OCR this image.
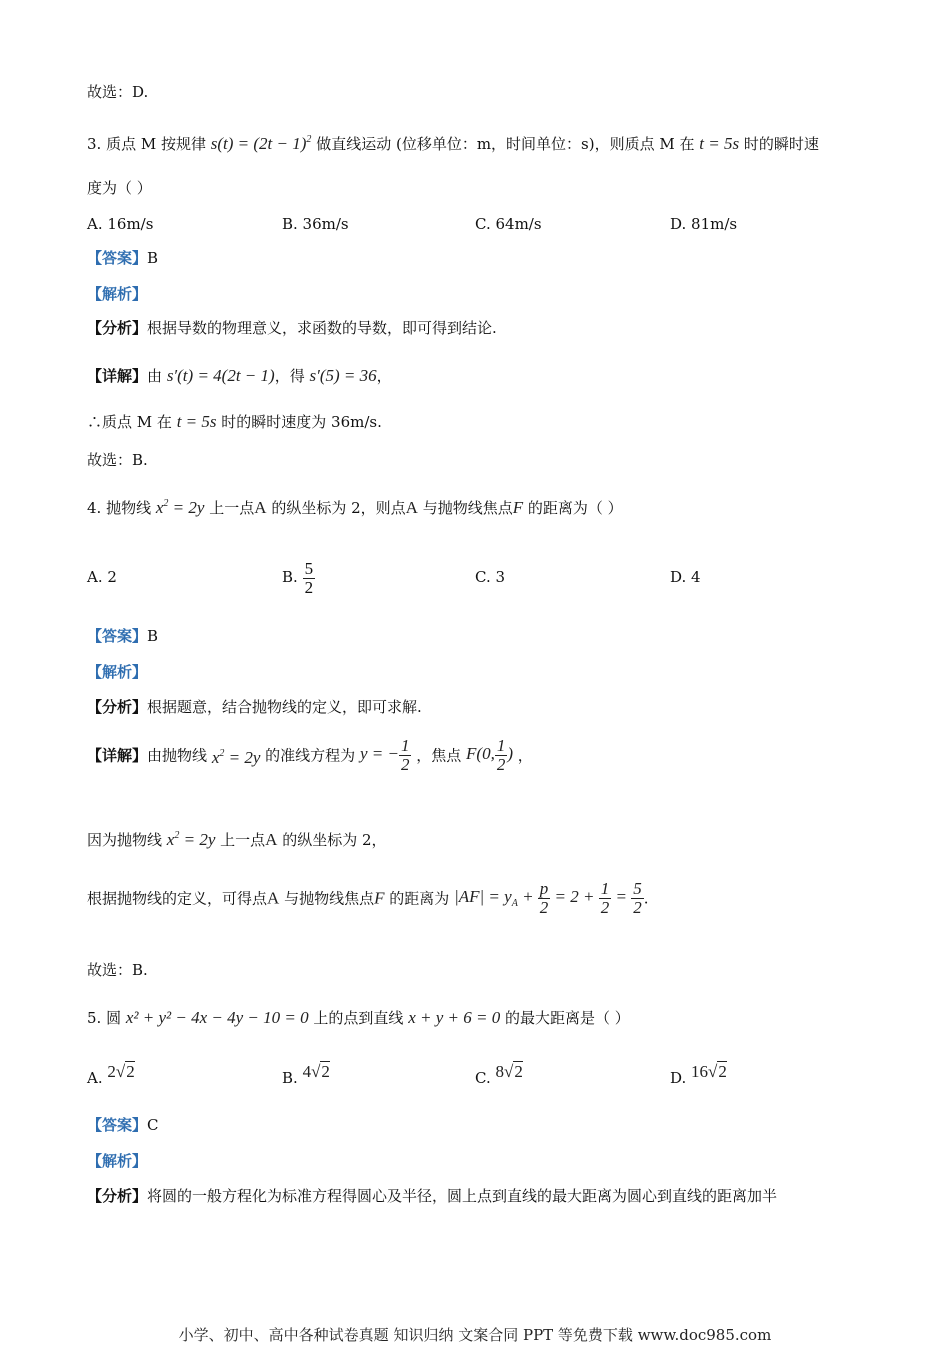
故选：D.
3. 质点 M 按规律 $s(t) = (2t - 1)^2$ 做直线运动 (位移单位：m，时间单位：s)，则质点 M 在 t = 5s 时的瞬时速
度为（ ）
A. 16m/s	B. 36m/s	C. 64m/s	D. 81m/s
【答案】B
【解析】
【分析】根据导数的物理意义，求函数的导数，即可得到结论.
【详解】由 s′(t) = 4(2t − 1)，得 s′(5) = 36，
∴质点 M 在 t = 5s 时的瞬时速度为 36m/s.
故选：B.
4. 抛物线 $x^2 = 2y$ 上一点A 的纵坐标为 2，则点A 与抛物线焦点F 的距离为（ ）
A. 2	B. $\frac{5}{2}$	C. 3	D. 4
【答案】B
【解析】
【分析】根据题意，结合抛物线的定义，即可求解.
【详解】由抛物线 $x^2 = 2y$ 的准线方程为 y = − $\frac{1}{2}$ ，焦点 F(0, $\frac{1}{2}$ ) ，
因为抛物线 $x^2 = 2y$ 上一点A 的纵坐标为 2，
根据抛物线的定义，可得点A 与抛物线焦点F 的距离为 $|AF| = y_A + \frac{p}{2} = 2 + \frac{1}{2} = \frac{5}{2}$ .
故选：B.
5. 圆 x² + y² − 4x − 4y − 10 = 0 上的点到直线 x + y + 6 = 0 的最大距离是（ ）
A. 2√2	B. 4√2	C. 8√2	D. 16√2
【答案】C
【解析】
【分析】将圆的一般方程化为标准方程得圆心及半径，圆上点到直线的最大距离为圆心到直线的距离加半
小学、初中、高中各种试卷真题 知识归纳 文案合同 PPT 等免费下载 www.doc985.com
